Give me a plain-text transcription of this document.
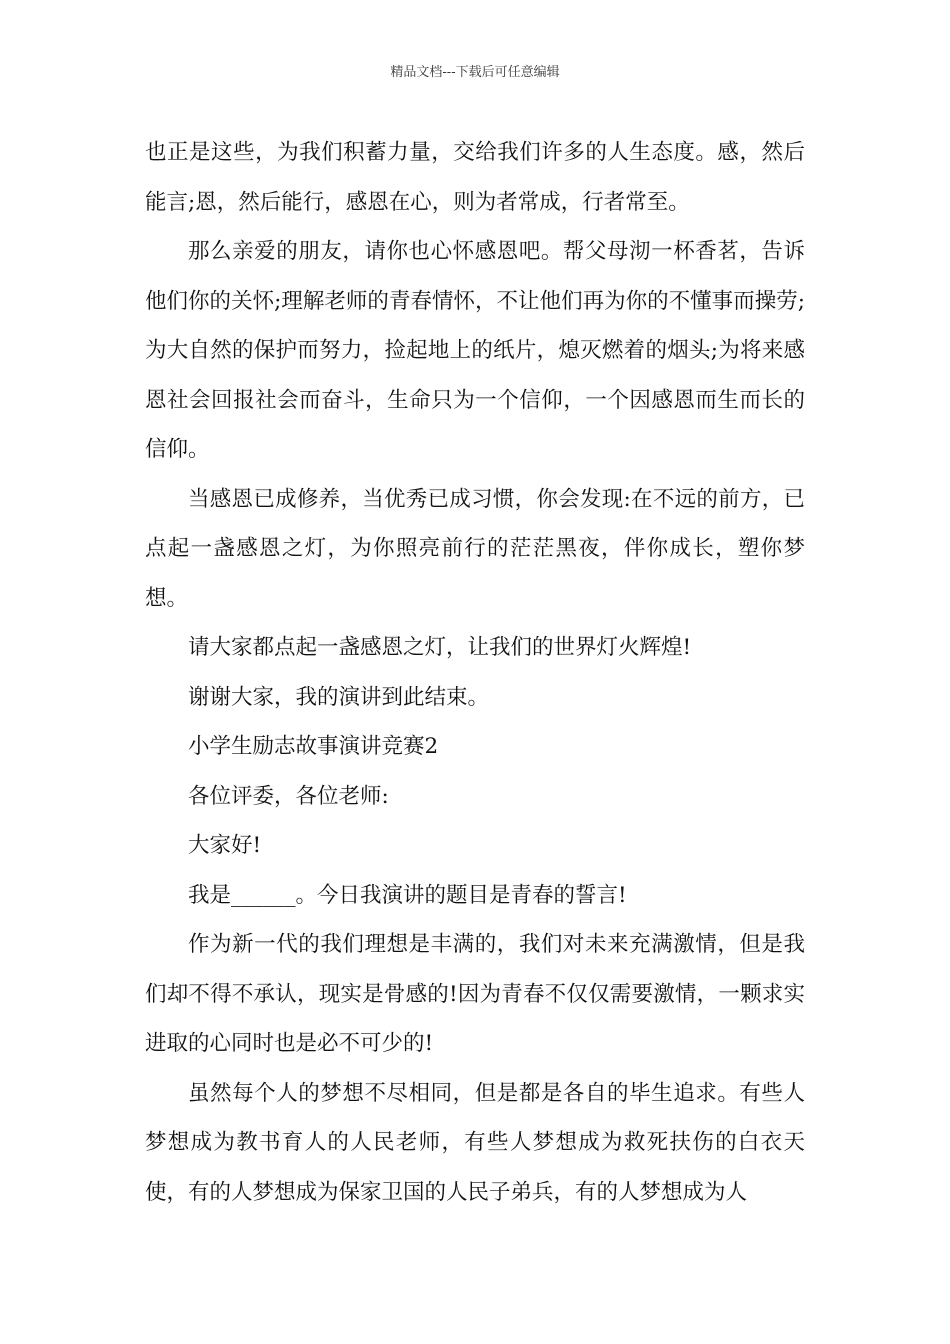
精品文档---下载后可任意编辑

也正是这些，为我们积蓄力量，交给我们许多的人生态度。感，然后能言;恩，然后能行，感恩在心，则为者常成，行者常至。

那么亲爱的朋友，请你也心怀感恩吧。帮父母沏一杯香茗，告诉他们你的关怀;理解老师的青春情怀，不让他们再为你的不懂事而操劳;为大自然的保护而努力，捡起地上的纸片，熄灭燃着的烟头;为将来感恩社会回报社会而奋斗，生命只为一个信仰，一个因感恩而生而长的信仰。

当感恩已成修养，当优秀已成习惯，你会发现:在不远的前方，已点起一盏感恩之灯，为你照亮前行的茫茫黑夜，伴你成长，塑你梦想。

请大家都点起一盏感恩之灯，让我们的世界灯火辉煌!

谢谢大家，我的演讲到此结束。

小学生励志故事演讲竞赛2

各位评委，各位老师:

大家好!

我是______。今日我演讲的题目是青春的誓言!

作为新一代的我们理想是丰满的，我们对未来充满激情，但是我们却不得不承认，现实是骨感的!因为青春不仅仅需要激情，一颗求实进取的心同时也是必不可少的!

虽然每个人的梦想不尽相同，但是都是各自的毕生追求。有些人梦想成为教书育人的人民老师，有些人梦想成为救死扶伤的白衣天使，有的人梦想成为保家卫国的人民子弟兵，有的人梦想成为人
